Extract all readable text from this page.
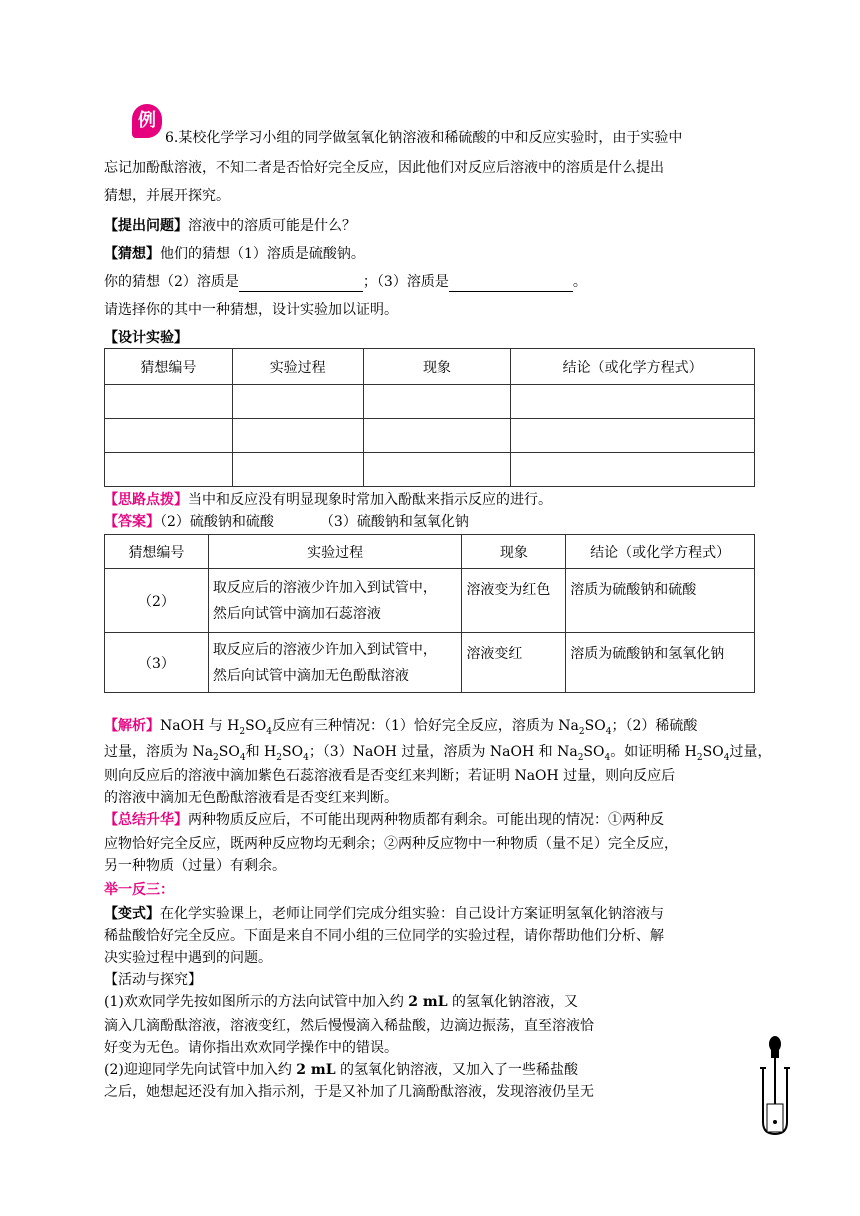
例
6.某校化学学习小组的同学做氢氧化钠溶液和稀硫酸的中和反应实验时，由于实验中
忘记加酚酞溶液，不知二者是否恰好完全反应，因此他们对反应后溶液中的溶质是什么提出
猜想，并展开探究。
【提出问题】溶液中的溶质可能是什么？
【猜想】他们的猜想（1）溶质是硫酸钠。
你的猜想（2）溶质是	；（3）溶质是	。
请选择你的其中一种猜想，设计实验加以证明。
【设计实验】
猜想编号	实验过程	现象	结论（或化学方程式）

【思路点拨】当中和反应没有明显现象时常加入酚酞来指示反应的进行。
【答案】（2）硫酸钠和硫酸	（3）硫酸钠和氢氧化钠
猜想编号	实验过程	现象	结论（或化学方程式）
（2）	取反应后的溶液少许加入到试管中，
然后向试管中滴加石蕊溶液	溶液变为红色	溶质为硫酸钠和硫酸
（3）	取反应后的溶液少许加入到试管中，
然后向试管中滴加无色酚酞溶液	溶液变红	溶质为硫酸钠和氢氧化钠
【解析】NaOH 与 $H_2SO_4$反应有三种情况：（1）恰好完全反应，溶质为 $Na_2SO_4$；（2）稀硫酸
过量，溶质为 $Na_2SO_4$和 $H_2SO_4$；（3）NaOH 过量，溶质为 NaOH 和 $Na_2SO_4$。如证明稀 $H_2SO_4$过量，
则向反应后的溶液中滴加紫色石蕊溶液看是否变红来判断；若证明 NaOH 过量，则向反应后
的溶液中滴加无色酚酞溶液看是否变红来判断。
【总结升华】两种物质反应后，不可能出现两种物质都有剩余。可能出现的情况：①两种反
应物恰好完全反应，既两种反应物均无剩余；②两种反应物中一种物质（量不足）完全反应，
另一种物质（过量）有剩余。
举一反三：
【变式】在化学实验课上，老师让同学们完成分组实验：自己设计方案证明氢氧化钠溶液与
稀盐酸恰好完全反应。下面是来自不同小组的三位同学的实验过程，请你帮助他们分析、解
决实验过程中遇到的问题。
【活动与探究】
(1)欢欢同学先按如图所示的方法向试管中加入约 2 mL 的氢氧化钠溶液，又
滴入几滴酚酞溶液，溶液变红，然后慢慢滴入稀盐酸，边滴边振荡，直至溶液恰
好变为无色。请你指出欢欢同学操作中的错误。
(2)迎迎同学先向试管中加入约 2 mL 的氢氧化钠溶液，又加入了一些稀盐酸
之后，她想起还没有加入指示剂，于是又补加了几滴酚酞溶液，发现溶液仍呈无
